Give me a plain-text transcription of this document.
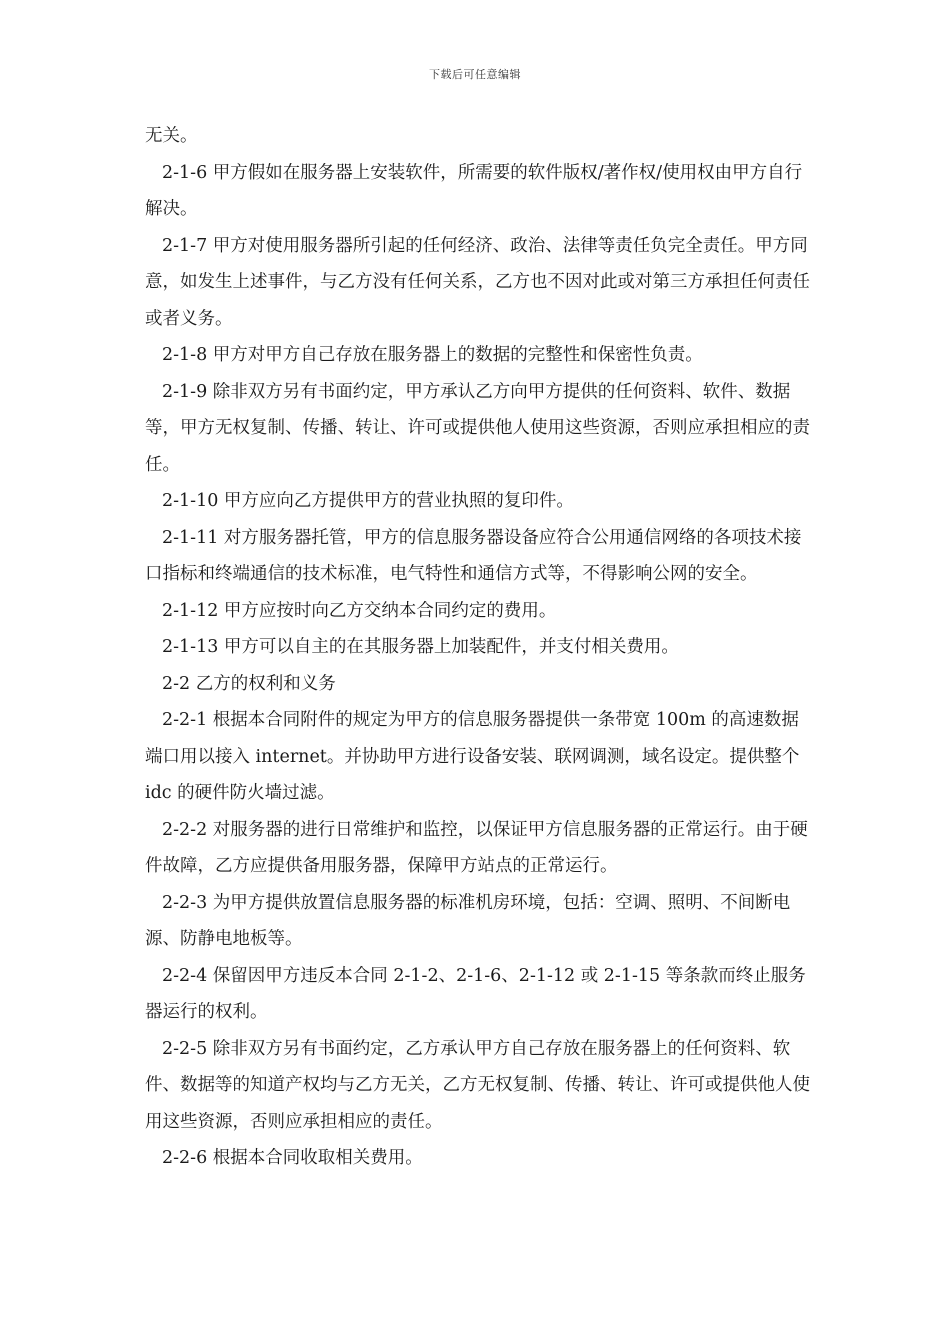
下载后可任意编辑

无关。

2-1-6 甲方假如在服务器上安装软件，所需要的软件版权/著作权/使用权由甲方自行解决。

2-1-7 甲方对使用服务器所引起的任何经济、政治、法律等责任负完全责任。甲方同意，如发生上述事件，与乙方没有任何关系，乙方也不因对此或对第三方承担任何责任或者义务。

2-1-8 甲方对甲方自己存放在服务器上的数据的完整性和保密性负责。

2-1-9 除非双方另有书面约定，甲方承认乙方向甲方提供的任何资料、软件、数据等，甲方无权复制、传播、转让、许可或提供他人使用这些资源，否则应承担相应的责任。

2-1-10 甲方应向乙方提供甲方的营业执照的复印件。

2-1-11 对方服务器托管，甲方的信息服务器设备应符合公用通信网络的各项技术接口指标和终端通信的技术标准，电气特性和通信方式等，不得影响公网的安全。

2-1-12 甲方应按时向乙方交纳本合同约定的费用。

2-1-13 甲方可以自主的在其服务器上加装配件，并支付相关费用。

2-2 乙方的权利和义务

2-2-1 根据本合同附件的规定为甲方的信息服务器提供一条带宽 100m 的高速数据端口用以接入 internet。并协助甲方进行设备安装、联网调测，域名设定。提供整个 idc 的硬件防火墙过滤。

2-2-2 对服务器的进行日常维护和监控，以保证甲方信息服务器的正常运行。由于硬件故障，乙方应提供备用服务器，保障甲方站点的正常运行。

2-2-3 为甲方提供放置信息服务器的标准机房环境，包括：空调、照明、不间断电源、防静电地板等。

2-2-4 保留因甲方违反本合同 2-1-2、2-1-6、2-1-12 或 2-1-15 等条款而终止服务器运行的权利。

2-2-5 除非双方另有书面约定，乙方承认甲方自己存放在服务器上的任何资料、软件、数据等的知道产权均与乙方无关，乙方无权复制、传播、转让、许可或提供他人使用这些资源，否则应承担相应的责任。

2-2-6 根据本合同收取相关费用。
